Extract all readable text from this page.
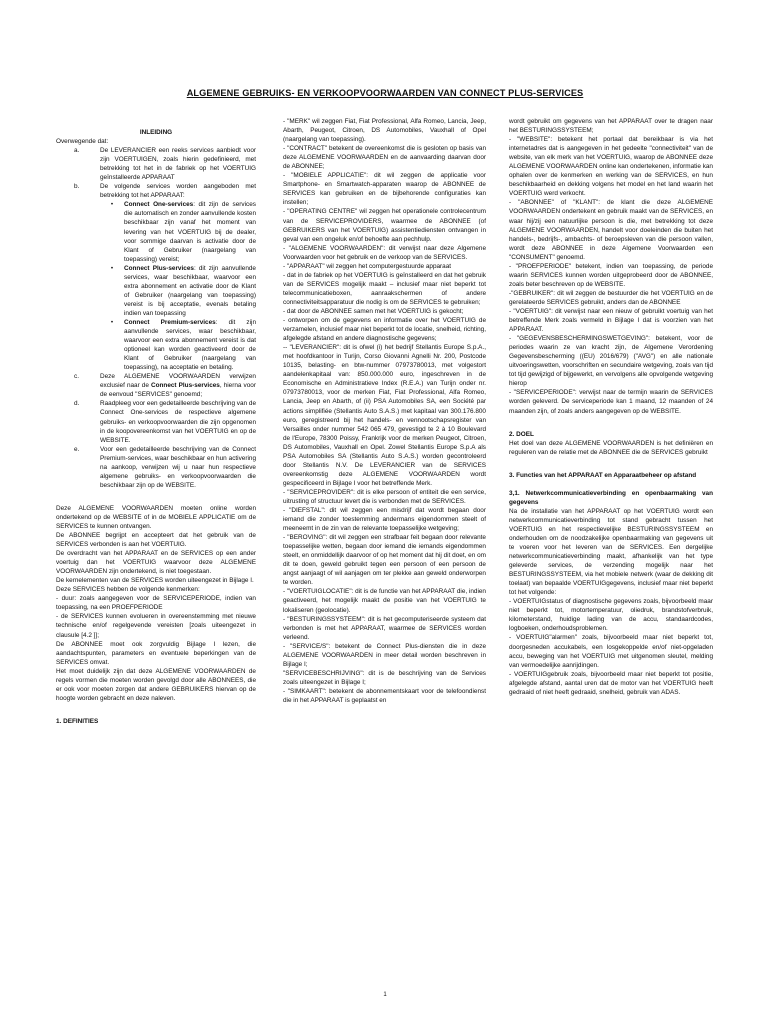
ALGEMENE GEBRUIKS- EN VERKOOPVOORWAARDEN VAN CONNECT PLUS-SERVICES

INLEIDING

Overwegende dat:

a.	De LEVERANCIER een reeks services aanbiedt voor zijn VOERTUIGEN, zoals hierin gedefinieerd, met betrekking tot het in de fabriek op het VOERTUIG geïnstalleerde APPARAAT
b.	De volgende services worden aangeboden met betrekking tot het APPARAAT:
•	Connect One-services: dit zijn de services die automatisch en zonder aanvullende kosten beschikbaar zijn vanaf het moment van levering van het VOERTUIG bij de dealer, voor sommige daarvan is activatie door de Klant of Gebruiker (naargelang van toepassing) vereist;
•	Connect Plus-services: dit zijn aanvullende services, waar beschikbaar, waarvoor een extra abonnement en activatie door de Klant of Gebruiker (naargelang van toepassing) vereist is bij acceptatie, evenals betaling indien van toepassing
•	Connect Premium-services: dit zijn aanvullende services, waar beschikbaar, waarvoor een extra abonnement vereist is dat optioneel kan worden geactiveerd door de Klant of Gebruiker (naargelang van toepassing), na acceptatie en betaling.
c.	Deze ALGEMENE VOORWAARDEN verwijzen exclusief naar de Connect Plus-services, hierna voor de eenvoud "SERVICES" genoemd;
d.	Raadpleeg voor een gedetailleerde beschrijving van de Connect One-services de respectieve algemene gebruiks- en verkoopvoorwaarden die zijn opgenomen in de koopovereenkomst van het VOERTUIG en op de WEBSITE.
e.	Voor een gedetailleerde beschrijving van de Connect Premium-services, waar beschikbaar en hun activering na aankoop, verwijzen wij u naar hun respectieve algemene gebruiks- en verkoopvoorwaarden die beschikbaar zijn op de WEBSITE.

Deze ALGEMENE VOORWAARDEN moeten online worden ondertekend op de WEBSITE of in de MOBIELE APPLICATIE om de SERVICES te kunnen ontvangen.

De ABONNEE begrijpt en accepteert dat het gebruik van de SERVICES verbonden is aan het VOERTUIG.

De overdracht van het APPARAAT en de SERVICES op een ander voertuig dan het VOERTUIG waarvoor deze ALGEMENE VOORWAARDEN zijn ondertekend, is niet toegestaan.

De kernelementen van de SERVICES worden uiteengezet in Bijlage I.

Deze SERVICES hebben de volgende kenmerken:

- duur: zoals aangegeven voor de SERVICEPERIODE, indien van toepassing, na een PROEFPERIODE

- de SERVICES kunnen evolueren in overeenstemming met nieuwe technische en/of regelgevende vereisten [zoals uiteengezet in clausule [4.2 ]];

De ABONNEE moet ook zorgvuldig Bijlage I lezen, die aandachtspunten, parameters en eventuele beperkingen van de SERVICES omvat.

Het moet duidelijk zijn dat deze ALGEMENE VOORWAARDEN de regels vormen die moeten worden gevolgd door alle ABONNEES, die er ook voor moeten zorgen dat andere GEBRUIKERS hiervan op de hoogte worden gebracht en deze naleven.

1. DEFINITIES

- "MERK" wil zeggen Fiat, Fiat Professional, Alfa Romeo, Lancia, Jeep, Abarth, Peugeot, Citroen, DS Automobiles, Vauxhall of Opel (naargelang van toepassing).

- "CONTRACT" betekent de overeenkomst die is gesloten op basis van deze ALGEMENE VOORWAARDEN en de aanvaarding daarvan door de ABONNEE;

- "MOBIELE APPLICATIE": dit wil zeggen de applicatie voor Smartphone- en Smartwatch-apparaten waarop de ABONNEE de SERVICES kan gebruiken en de bijbehorende configuraties kan instellen;

- "OPERATING CENTRE" wil zeggen het operationele controlecentrum van de SERVICEPROVIDERS, waarmee de ABONNEE (of GEBRUIKERS van het VOERTUIG) assistentiediensten ontvangen in geval van een ongeluk en/of behoefte aan pechhulp.

- "ALGEMENE VOORWAARDEN": dit verwijst naar deze Algemene Voorwaarden voor het gebruik en de verkoop van de SERVICES.

- "APPARAAT" wil zeggen het computergestuurde apparaat

- dat in de fabriek op het VOERTUIG is geïnstalleerd en dat het gebruik van de SERVICES mogelijk maakt – inclusief maar niet beperkt tot telecommunicatieboxen, aanraakschermen of andere connectiviteitsapparatuur die nodig is om de SERVICES te gebruiken;

- dat door de ABONNEE samen met het VOERTUIG is gekocht;

- ontworpen om de gegevens en informatie over het VOERTUIG de verzamelen, inclusief maar niet beperkt tot de locatie, snelheid, richting, afgelegde afstand en andere diagnostische gegevens;

-- "LEVERANCIER": dit is ofwel (i) het bedrijf Stellantis Europe S.p.A., met hoofdkantoor in Turijn, Corso Giovanni Agnelli Nr. 200, Postcode 10135, belasting- en btw-nummer 07973780013, met volgestort aandelenkapitaal van: 850.000.000 euro, ingeschreven in de Economische en Administratieve Index (R.E.A.) van Turijn onder nr. 07973780013, voor de merken Fiat, Fiat Professional, Alfa Romeo, Lancia, Jeep en Abarth, of (ii) PSA Automobiles SA, een Société par actions simplifiée (Stellantis Auto S.A.S.) met kapitaal van 300.176.800 euro, geregistreerd bij het handels- en vennootschapsregister van Versailles onder nummer 542 065 479, gevestigd te 2 à 10 Boulevard de l'Europe, 78300 Poissy, Frankrijk voor de merken Peugeot, Citroen, DS Automobiles, Vauxhall en Opel. Zowel Stellantis Europe S.p.A als PSA Automobiles SA (Stellantis Auto S.A.S.) worden gecontroleerd door Stellantis N.V. De LEVERANCIER van de SERVICES overeenkomstig deze ALGEMENE VOORWAARDEN wordt gespecificeerd in Bijlage I voor het betreffende Merk.

- "SERVICEPROVIDER": dit is elke persoon of entiteit die een service, uitrusting of structuur levert die is verbonden met de SERVICES.

- "DIEFSTAL": dit wil zeggen een misdrijf dat wordt begaan door iemand die zonder toestemming andermans eigendommen steelt of meeneemt in de zin van de relevante toepasselijke wetgeving;

- "BEROVING": dit wil zeggen een strafbaar feit begaan door relevante toepasselijke wetten, begaan door iemand die iemands eigendommen steelt, en onmiddellijk daarvoor of op het moment dat hij dit doet, en om dit te doen, geweld gebruikt tegen een persoon of een persoon de angst aanjaagt of wil aanjagen om ter plekke aan geweld onderworpen te worden.

- "VOERTUIGLOCATIE": dit is de functie van het APPARAAT die, indien geactiveerd, het mogelijk maakt de positie van het VOERTUIG te lokaliseren (geolocatie).

- "BESTURINGSSYSTEEM": dit is het gecomputeriseerde systeem dat verbonden is met het APPARAAT, waarmee de SERVICES worden verleend.

- "SERVICE/S": betekent de Connect Plus-diensten die in deze ALGEMENE VOORWAARDEN in meer detail worden beschreven in Bijlage I;

"SERVICEBESCHRIJVING": dit is de beschrijving van de Services zoals uiteengezet in Bijlage I;

- "SIMKAART": betekent de abonnementskaart voor de telefoondienst die in het APPARAAT is geplaatst en

wordt gebruikt om gegevens van het APPARAAT over te dragen naar het BESTURINGSSYSTEEM;

- "WEBSITE": betekent het portaal dat bereikbaar is via het internetadres dat is aangegeven in het gedeelte "connectiviteit" van de website, van elk merk van het VOERTUIG, waarop de ABONNEE deze ALGEMENE VOORWAARDEN online kan ondertekenen, informatie kan ophalen over de kenmerken en werking van de SERVICES, en hun beschikbaarheid en dekking volgens het model en het land waarin het VOERTUIG werd verkocht.

- "ABONNEE" of "KLANT": de klant die deze ALGEMENE VOORWAARDEN ondertekent en gebruik maakt van de SERVICES, en waar hij/zij een natuurlijke persoon is die, met betrekking tot deze ALGEMENE VOORWAARDEN, handelt voor doeleinden die buiten het handels-, bedrijfs-, ambachts- of beroepsleven van die persoon vallen, wordt deze ABONNEE in deze Algemene Voorwaarden een "CONSUMENT" genoemd.

- "PROEFPERIODE" betekent, indien van toepassing, de periode waarin SERVICES kunnen worden uitgeprobeerd door de ABONNEE, zoals beter beschreven op de WEBSITE.

-"GEBRUIKER": dit wil zeggen de bestuurder die het VOERTUIG en de gerelateerde SERVICES gebruikt, anders dan de ABONNEE

- "VOERTUIG": dit verwijst naar een nieuw of gebruikt voertuig van het betreffende Merk zoals vermeld in Bijlage I dat is voorzien van het APPARAAT.

- "GEGEVENSBESCHERMINGSWETGEVING": betekent, voor de periodes waarin ze van kracht zijn, de Algemene Verordening Gegevensbescherming ((EU) 2016/679) ("AVG") en alle nationale uitvoeringswetten, voorschriften en secundaire wetgeving, zoals van tijd tot tijd gewijzigd of bijgewerkt, en vervolgens alle opvolgende wetgeving hierop

- "SERVICEPERIODE": verwijst naar de termijn waarin de SERVICES worden geleverd. De serviceperiode kan 1 maand, 12 maanden of 24 maanden zijn, of zoals anders aangegeven op de WEBSITE.

2. DOEL

Het doel van deze ALGEMENE VOORWAARDEN is het definiëren en reguleren van de relatie met de ABONNEE die de SERVICES gebruikt

3. Functies van het APPARAAT en Apparaatbeheer op afstand

3,1. Netwerkcommunicatieverbinding en openbaarmaking van gegevens

Na de installatie van het APPARAAT op het VOERTUIG wordt een netwerkcommunicatieverbinding tot stand gebracht tussen het VOERTUIG en het respectievelijke BESTURINGSSYSTEEM en onderhouden om de noodzakelijke openbaarmaking van gegevens uit te voeren voor het leveren van de SERVICES. Een dergelijke netwerkcommunicatieverbinding maakt, afhankelijk van het type geleverde services, de verzending mogelijk naar het BESTURINGSSYSTEEM, via het mobiele netwerk (waar de dekking dit toelaat) van bepaalde VOERTUIGgegevens, inclusief maar niet beperkt tot het volgende:

- VOERTUIGstatus of diagnostische gegevens zoals, bijvoorbeeld maar niet beperkt tot, motortemperatuur, oliedruk, brandstofverbruik, kilometerstand, huidige lading van de accu, standaardcodes, logboeken, onderhoudsproblemen.

- VOERTUIG"alarmen" zoals, bijvoorbeeld maar niet beperkt tot, doorgesneden accukabels, een losgekoppelde en/of niet-opgeladen accu, beweging van het VOERTUIG met uitgenomen sleutel, melding van vermoedelijke aanrijdingen.

- VOERTUIGgebruik zoals, bijvoorbeeld maar niet beperkt tot positie, afgelegde afstand, aantal uren dat de motor van het VOERTUIG heeft gedraaid of niet heeft gedraaid, snelheid, gebruik van ADAS.

1
